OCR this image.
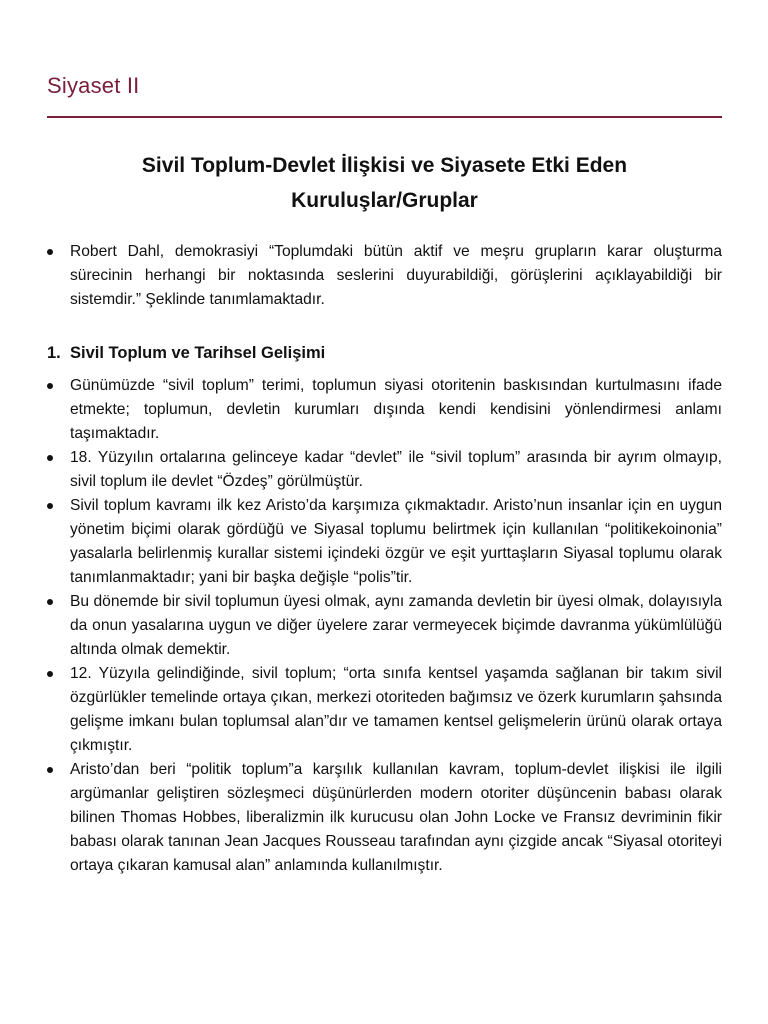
Siyaset II
Sivil Toplum-Devlet İlişkisi ve Siyasete Etki Eden
Kuruluşlar/Gruplar
Robert Dahl, demokrasiyi “Toplumdaki bütün aktif ve meşru grupların karar oluşturma sürecinin herhangi bir noktasında seslerini duyurabildiği, görüşlerini açıklayabildiği bir sistemdir.” Şeklinde tanımlamaktadır.
1. Sivil Toplum ve Tarihsel Gelişimi
Günümüzde “sivil toplum” terimi, toplumun siyasi otoritenin baskısından kurtulmasını ifade etmekte; toplumun, devletin kurumları dışında kendi kendisini yönlendirmesi anlamı taşımaktadır.
18. Yüzyılın ortalarına gelinceye kadar “devlet” ile “sivil toplum” arasında bir ayrım olmayıp, sivil toplum ile devlet “Özdeş” görülmüştür.
Sivil toplum kavramı ilk kez Aristo’da karşımıza çıkmaktadır. Aristo’nun insanlar için en uygun yönetim biçimi olarak gördüğü ve Siyasal toplumu belirtmek için kullanılan “politikekoinonia” yasalarla belirlenmiş kurallar sistemi içindeki özgür ve eşit yurttaşların Siyasal toplumu olarak tanımlanmaktadır; yani bir başka değişle “polis”tir.
Bu dönemde bir sivil toplumun üyesi olmak, aynı zamanda devletin bir üyesi olmak, dolayısıyla da onun yasalarına uygun ve diğer üyelere zarar vermeyecek biçimde davranma yükümlülüğü altında olmak demektir.
12. Yüzyıla gelindiğinde, sivil toplum; “orta sınıfa kentsel yaşamda sağlanan bir takım sivil özgürlükler temelinde ortaya çıkan, merkezi otoriteden bağımsız ve özerk kurumların şahsında gelişme imkanı bulan toplumsal alan”dır ve tamamen kentsel gelişmelerin ürünü olarak ortaya çıkmıştır.
Aristo’dan beri “politik toplum”a karşılık kullanılan kavram, toplum-devlet ilişkisi ile ilgili argümanlar geliştiren sözleşmeci düşünürlerden modern otoriter düşüncenin babası olarak bilinen Thomas Hobbes, liberalizmin ilk kurucusu olan John Locke ve Fransız devriminin fikir babası olarak tanınan Jean Jacques Rousseau tarafından aynı çizgide ancak “Siyasal otoriteyi ortaya çıkaran kamusal alan” anlamında kullanılmıştır.
